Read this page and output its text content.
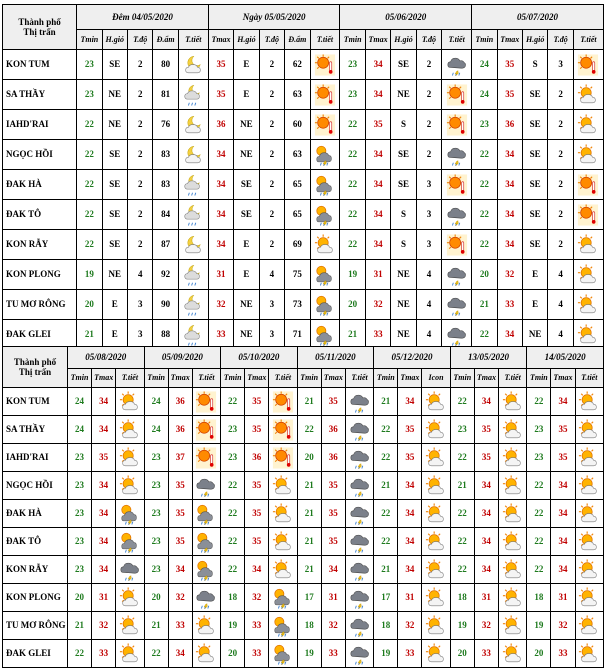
Thành phố
Thị trấn	Đêm 04/05/2020					Ngày 05/05/2020					05/06/2020					05/07/2020				
	Tmin	H.gió	T.độ	Đ.ẩm	T.tiết	Tmax	H.gió	T.độ	Đ.ẩm	T.tiết	Tmin	Tmax	H.gió	T.độ	T.tiết	Tmin	Tmax	H.gió	T.độ	T.tiết
KON TUM	23	SE	2	80		35	E	2	62		23	34	SE	2		24	35	S	3	

SA THẦY	23	NE	2	81		35	E	2	63		23	34	NE	2		24	35	SE	2	

IAHD'RAI	22	NE	2	76		36	NE	2	60		22	35	S	2		23	36	SE	2	

NGỌC HỒI	22	SE	2	83		34	NE	2	63		22	34	SE	2		22	34	SE	2	

ĐAK HÀ	22	SE	2	83		34	SE	2	65		22	34	SE	3		22	34	SE	2	

ĐAK TÔ	22	SE	2	84		34	SE	2	65		22	34	S	3		22	34	SE	2	

KON RẪY	22	SE	2	87		34	E	2	69		22	34	S	3		22	34	SE	2	

KON PLONG	19	NE	4	92		31	E	4	75		19	31	NE	4		20	32	E	4	

TU MƠ RÔNG	20	E	3	90		32	NE	3	73		20	32	NE	4		21	33	E	4	

ĐAK GLEI	21	E	3	88		33	NE	3	71		21	33	NE	4		22	34	NE	4	
Thành phố
Thị trấn	05/08/2020			05/09/2020			05/10/2020			05/11/2020			05/12/2020			13/05/2020			14/05/2020		
	Tmin	Tmax	T.tiết	Tmin	Tmax	T.tiết	Tmin	Tmax	T.tiết	Tmin	Tmax	T.tiết	Tmin	Tmax	Icon	Tmin	Tmax	T.tiết	Tmin	Tmax	T.tiết
KON TUM	24	34		24	36		22	35		21	35		21	34		22	34		22	34	

SA THẦY	24	34		24	36		23	35		22	36		22	35		23	35		23	35	

IAHD'RAI	23	35		23	37		23	36		20	36		22	35		22	35		23	35	

NGỌC HỒI	23	34		23	35		22	35		21	35		21	34		21	34		22	34	

ĐAK HÀ	23	34		23	35		22	35		21	35		22	34		22	34		22	34	

ĐAK TÔ	23	34		23	35		22	35		21	35		22	34		22	34		22	34	

KON RẪY	23	34		23	34		22	34		21	34		21	34		22	34		22	34	

KON PLONG	20	31		20	32		18	32		17	31		17	31		18	31		18	31	

TU MƠ RÔNG	21	32		21	33		19	33		18	32		18	32		19	32		19	32	

ĐAK GLEI	22	33		22	34		20	33		19	33		19	33		20	33		20	33	
